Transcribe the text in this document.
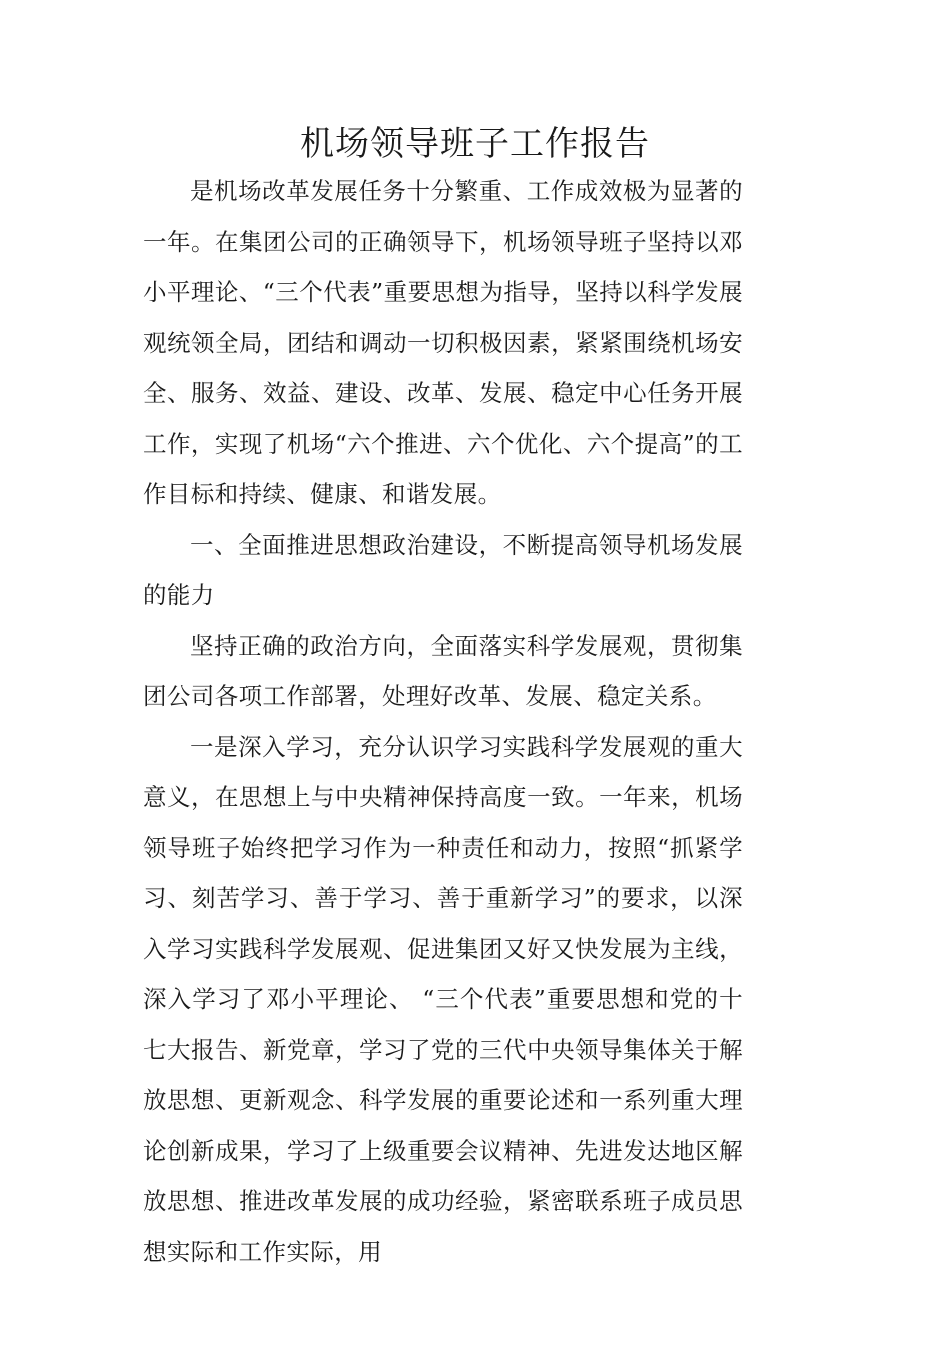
机场领导班子工作报告

是机场改革发展任务十分繁重、工作成效极为显著的一年。在集团公司的正确领导下，机场领导班子坚持以邓小平理论、“三个代表”重要思想为指导，坚持以科学发展观统领全局，团结和调动一切积极因素，紧紧围绕机场安全、服务、效益、建设、改革、发展、稳定中心任务开展工作，实现了机场“六个推进、六个优化、六个提高”的工作目标和持续、健康、和谐发展。

一、全面推进思想政治建设，不断提高领导机场发展的能力

坚持正确的政治方向，全面落实科学发展观，贯彻集团公司各项工作部署，处理好改革、发展、稳定关系。

一是深入学习，充分认识学习实践科学发展观的重大意义，在思想上与中央精神保持高度一致。一年来，机场领导班子始终把学习作为一种责任和动力，按照“抓紧学习、刻苦学习、善于学习、善于重新学习”的要求，以深入学习实践科学发展观、促进集团又好又快发展为主线，深入学习了邓小平理论、 “三个代表”重要思想和党的十七大报告、新党章，学习了党的三代中央领导集体关于解放思想、更新观念、科学发展的重要论述和一系列重大理论创新成果，学习了上级重要会议精神、先进发达地区解放思想、推进改革发展的成功经验，紧密联系班子成员思想实际和工作实际，用
